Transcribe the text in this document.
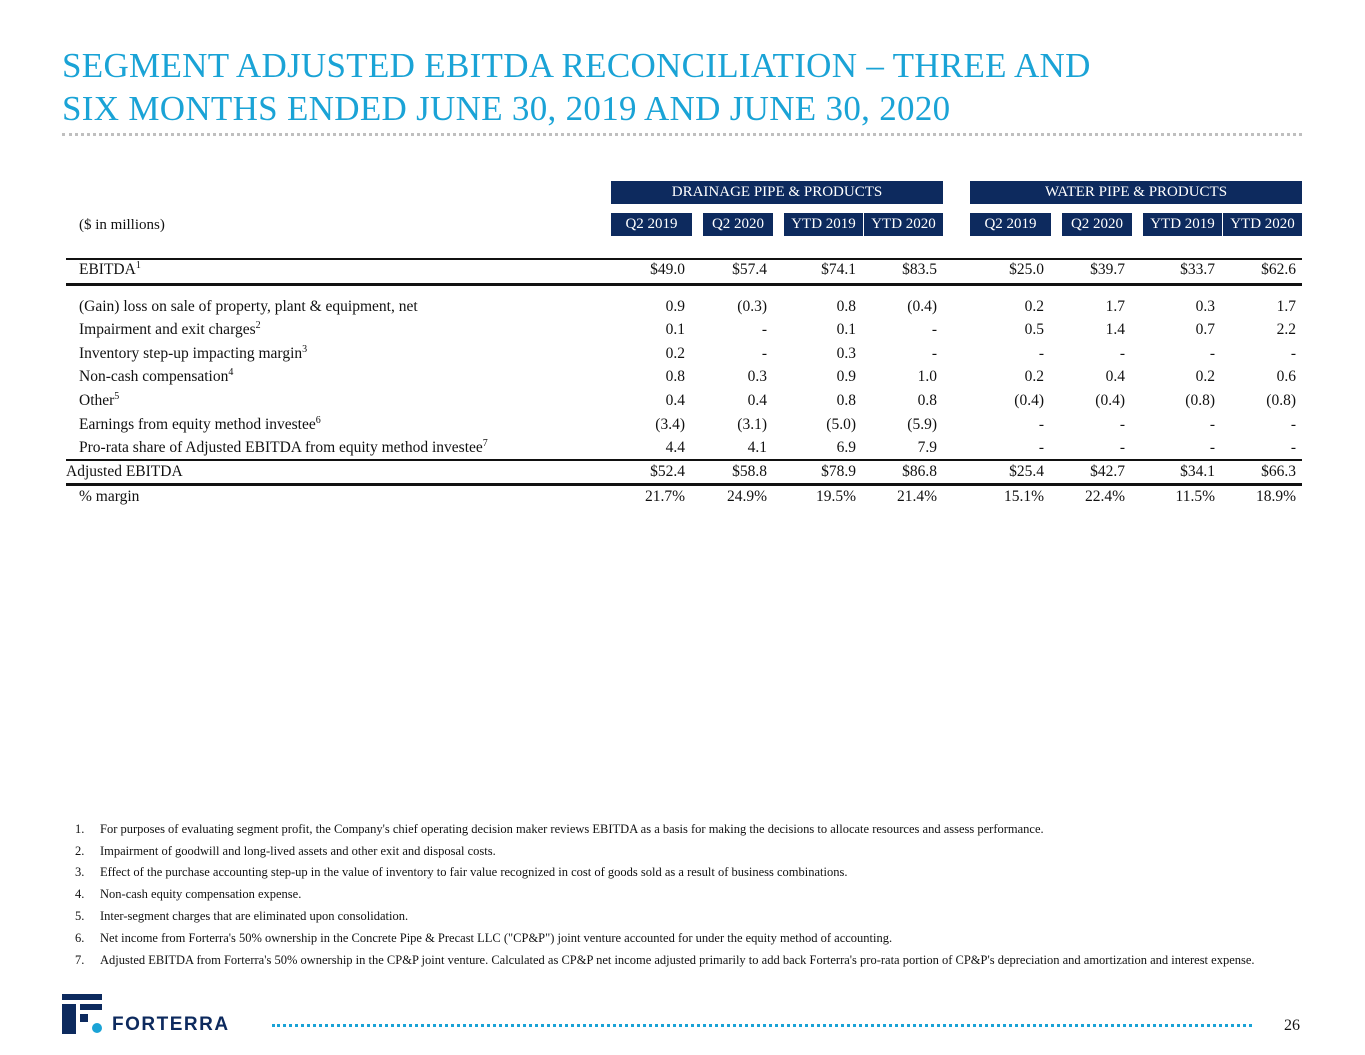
SEGMENT ADJUSTED EBITDA RECONCILIATION – THREE AND
SIX MONTHS ENDED JUNE 30, 2019 AND JUNE 30, 2020
DRAINAGE PIPE & PRODUCTS	WATER PIPE & PRODUCTS
($ in millions)	Q2 2019	Q2 2020	YTD 2019	YTD 2020	Q2 2019	Q2 2020	YTD 2019	YTD 2020
EBITDA$^1$	$49.0	$57.4	$74.1	$83.5	$25.0	$39.7	$33.7	$62.6
(Gain) loss on sale of property, plant & equipment, net	0.9	(0.3)	0.8	(0.4)	0.2	1.7	0.3	1.7
Impairment and exit charges$^2$	0.1	-	0.1	-	0.5	1.4	0.7	2.2
Inventory step-up impacting margin$^3$	0.2	-	0.3	-	-	-	-	-
Non-cash compensation$^4$	0.8	0.3	0.9	1.0	0.2	0.4	0.2	0.6
Other$^5$	0.4	0.4	0.8	0.8	(0.4)	(0.4)	(0.8)	(0.8)
Earnings from equity method investee$^6$	(3.4)	(3.1)	(5.0)	(5.9)	-	-	-	-
Pro-rata share of Adjusted EBITDA from equity method investee$^7$	4.4	4.1	6.9	7.9	-	-	-	-
Adjusted EBITDA	$52.4	$58.8	$78.9	$86.8	$25.4	$42.7	$34.1	$66.3
% margin	21.7%	24.9%	19.5%	21.4%	15.1%	22.4%	11.5%	18.9%
1. For purposes of evaluating segment profit, the Company's chief operating decision maker reviews EBITDA as a basis for making the decisions to allocate resources and assess performance.
2. Impairment of goodwill and long-lived assets and other exit and disposal costs.
3. Effect of the purchase accounting step-up in the value of inventory to fair value recognized in cost of goods sold as a result of business combinations.
4. Non-cash equity compensation expense.
5. Inter-segment charges that are eliminated upon consolidation.
6. Net income from Forterra's 50% ownership in the Concrete Pipe & Precast LLC ("CP&P") joint venture accounted for under the equity method of accounting.
7. Adjusted EBITDA from Forterra's 50% ownership in the CP&P joint venture. Calculated as CP&P net income adjusted primarily to add back Forterra's pro-rata portion of CP&P's depreciation and amortization and interest expense.
FORTERRA	26
